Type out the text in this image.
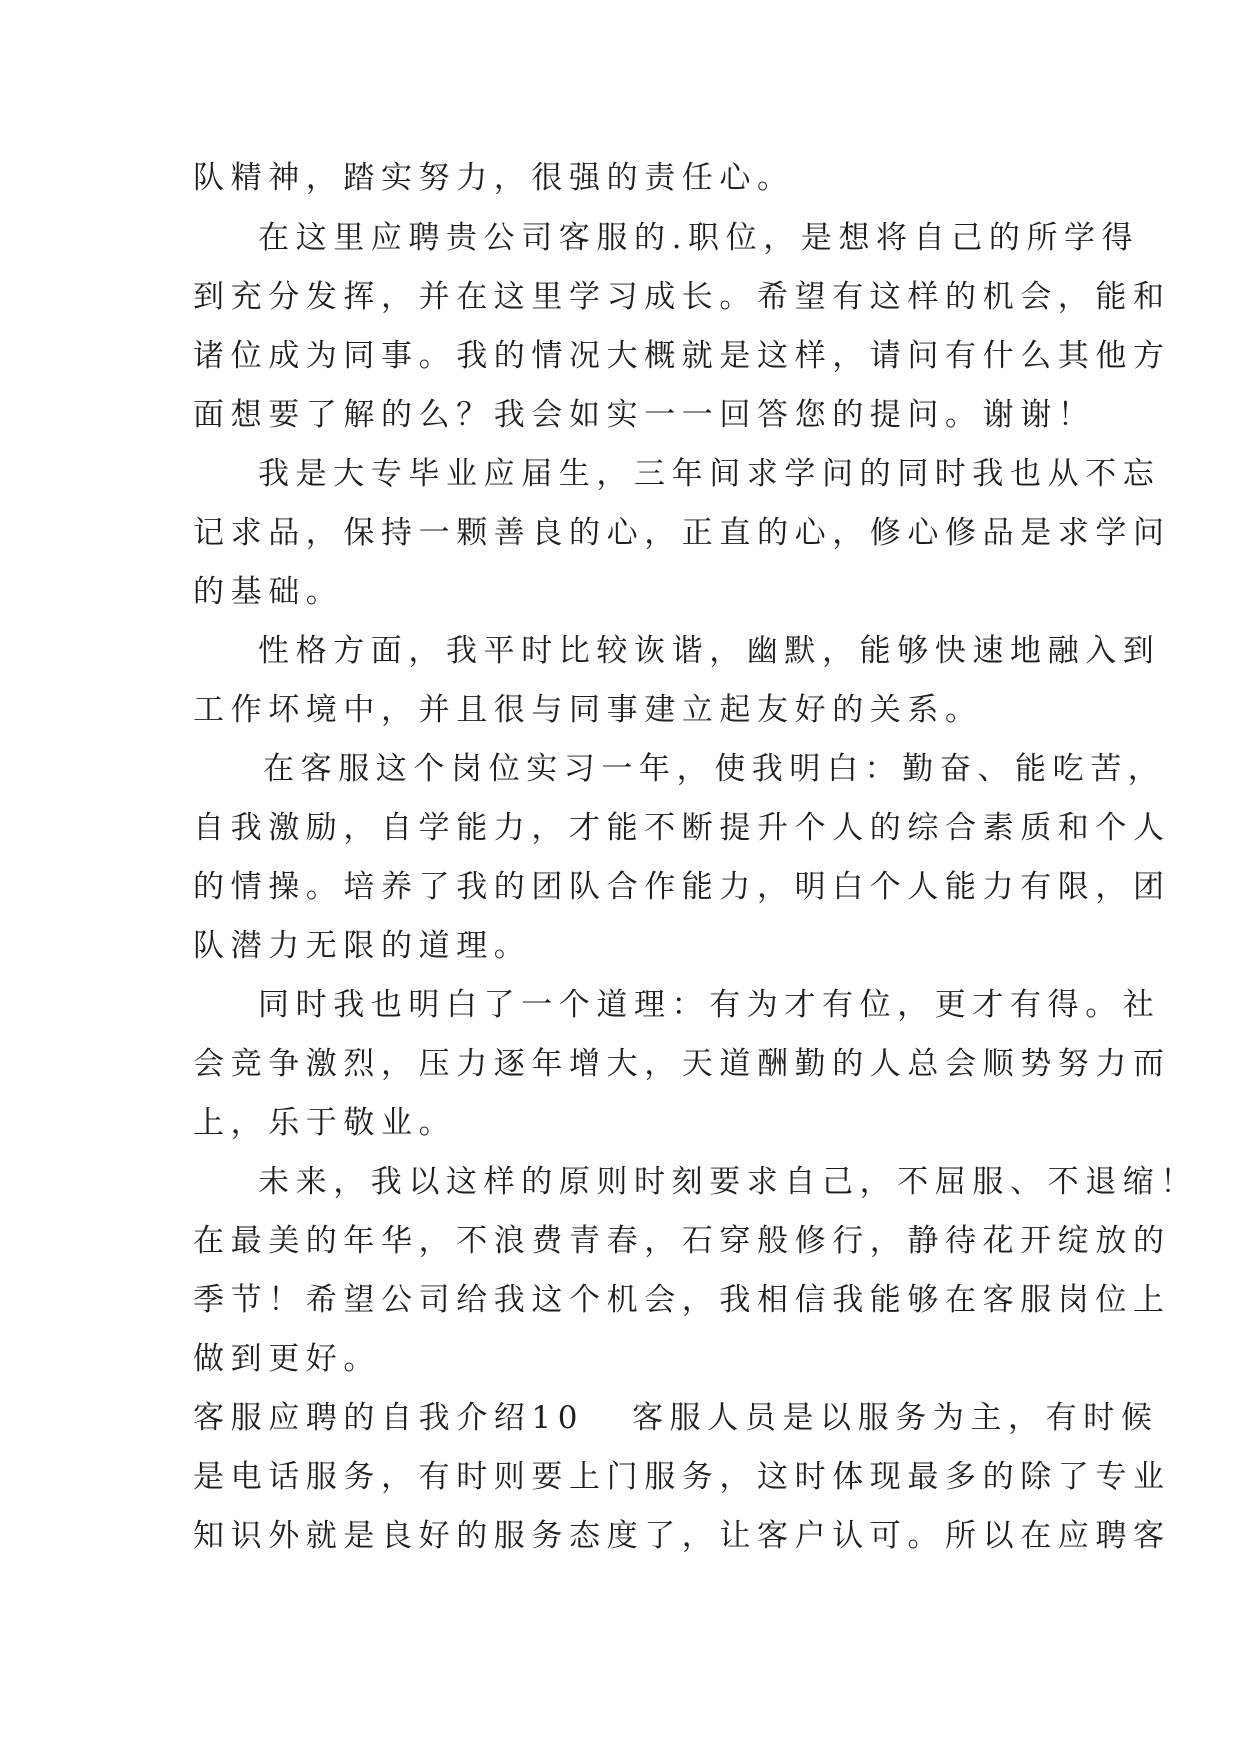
队精神，踏实努力，很强的责任心。
在这里应聘贵公司客服的.职位，是想将自己的所学得
到充分发挥，并在这里学习成长。希望有这样的机会，能和
诸位成为同事。我的情况大概就是这样，请问有什么其他方
面想要了解的么？我会如实一一回答您的提问。谢谢！
我是大专毕业应届生，三年间求学问的同时我也从不忘
记求品，保持一颗善良的心，正直的心，修心修品是求学问
的基础。
性格方面，我平时比较诙谐，幽默，能够快速地融入到
工作坏境中，并且很与同事建立起友好的关系。
在客服这个岗位实习一年，使我明白：勤奋、能吃苦，
自我激励，自学能力，才能不断提升个人的综合素质和个人
的情操。培养了我的团队合作能力，明白个人能力有限，团
队潜力无限的道理。
同时我也明白了一个道理：有为才有位，更才有得。社
会竞争激烈，压力逐年增大，天道酬勤的人总会顺势努力而
上，乐于敬业。
未来，我以这样的原则时刻要求自己，不屈服、不退缩！
在最美的年华，不浪费青春，石穿般修行，静待花开绽放的
季节！希望公司给我这个机会，我相信我能够在客服岗位上
做到更好。
客服应聘的自我介绍10 客服人员是以服务为主，有时候
是电话服务，有时则要上门服务，这时体现最多的除了专业
知识外就是良好的服务态度了，让客户认可。所以在应聘客
